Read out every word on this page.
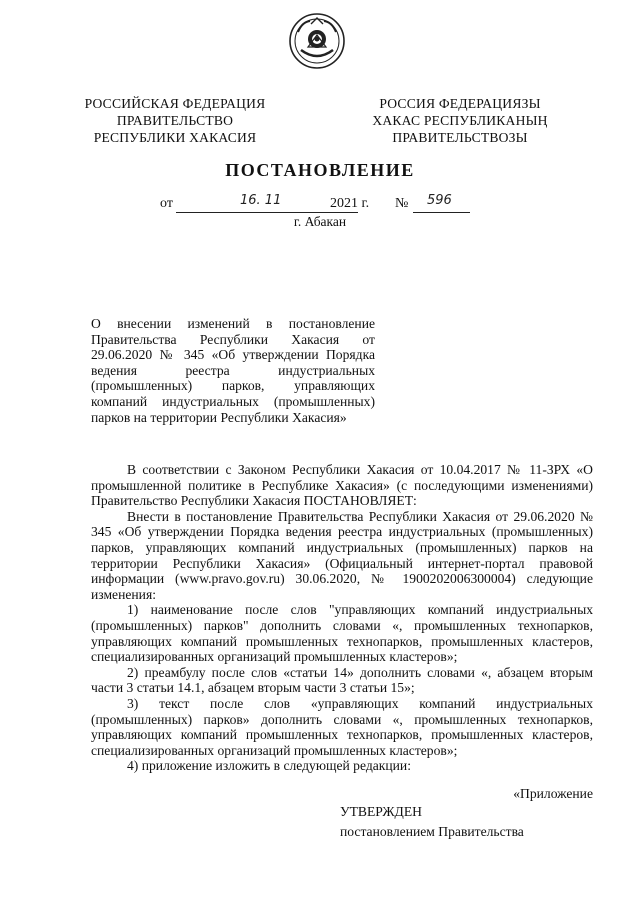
РОССИЙСКАЯ ФЕДЕРАЦИЯ
ПРАВИТЕЛЬСТВО
РЕСПУБЛИКИ ХАКАСИЯ
РОССИЯ ФЕДЕРАЦИЯЗЫ
ХАКАС РЕСПУБЛИКАНЫҢ
ПРАВИТЕЛЬСТВОЗЫ
ПОСТАНОВЛЕНИЕ
от	16. 11	2021 г. № 596
г. Абакан

О внесении изменений в постановление Правительства Республики Хакасия от 29.06.2020 № 345 «Об утверждении Порядка ведения реестра индустриальных (промышленных) парков, управляющих компаний индустриальных (промышленных) парков на территории Республики Хакасия»

В соответствии с Законом Республики Хакасия от 10.04.2017 № 11-ЗРХ «О промышленной политике в Республике Хакасия» (с последующими изменениями) Правительство Республики Хакасия ПОСТАНОВЛЯЕТ:

Внести в постановление Правительства Республики Хакасия от 29.06.2020 № 345 «Об утверждении Порядка ведения реестра индустриальных (промышленных) парков, управляющих компаний индустриальных (промышленных) парков на территории Республики Хакасия» (Официальный интернет-портал правовой информации (www.pravo.gov.ru) 30.06.2020, № 1900202006300004) следующие изменения:

1) наименование после слов "управляющих компаний индустриальных (промышленных) парков" дополнить словами «, промышленных технопарков, управляющих компаний промышленных технопарков, промышленных кластеров, специализированных организаций промышленных кластеров»;

2) преамбулу после слов «статьи 14» дополнить словами «, абзацем вторым части 3 статьи 14.1, абзацем вторым части 3 статьи 15»;

3) текст после слов «управляющих компаний индустриальных (промышленных) парков» дополнить словами «, промышленных технопарков, управляющих компаний промышленных технопарков, промышленных кластеров, специализированных организаций промышленных кластеров»;

4) приложение изложить в следующей редакции:

«Приложение
УТВЕРЖДЕН
постановлением Правительства
